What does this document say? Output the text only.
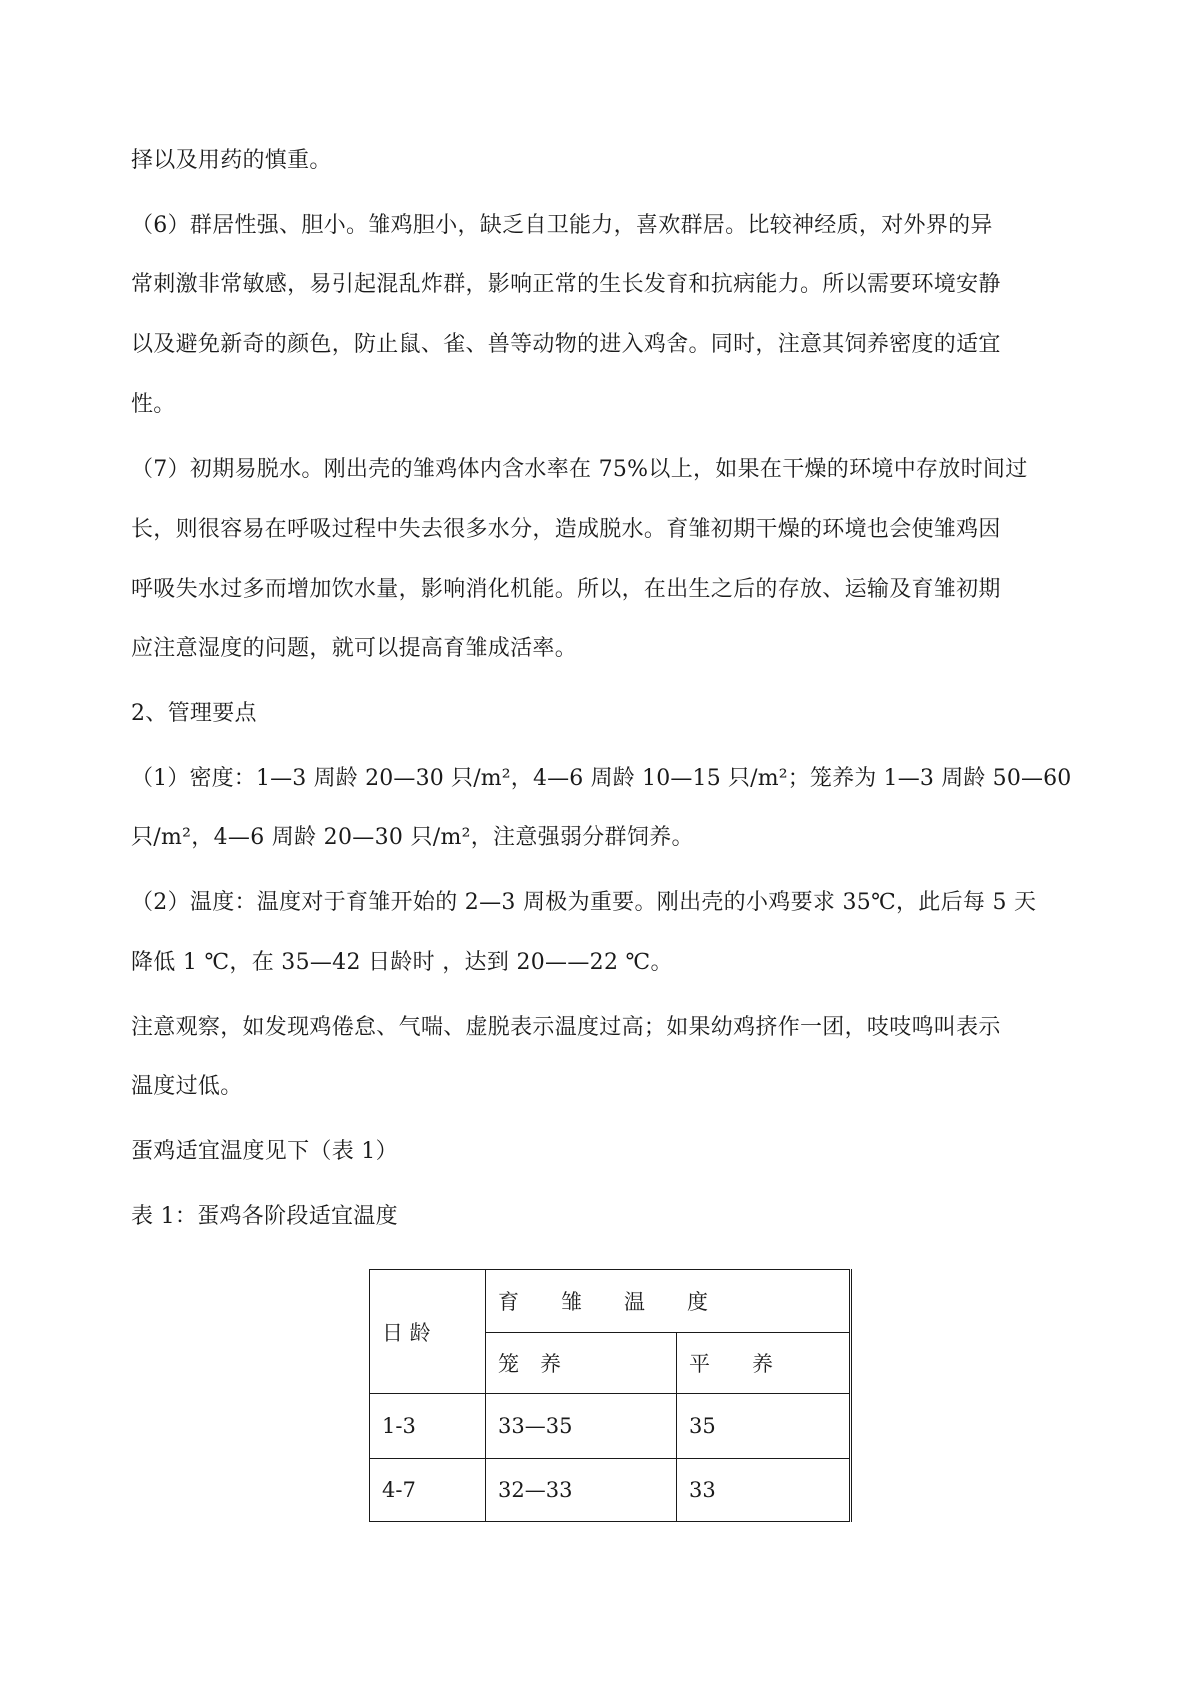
择以及用药的慎重。
（6）群居性强、胆小。雏鸡胆小，缺乏自卫能力，喜欢群居。比较神经质，对外界的异
常刺激非常敏感，易引起混乱炸群，影响正常的生长发育和抗病能力。所以需要环境安静
以及避免新奇的颜色，防止鼠、雀、兽等动物的进入鸡舍。同时，注意其饲养密度的适宜
性。
（7）初期易脱水。刚出壳的雏鸡体内含水率在 75%以上，如果在干燥的环境中存放时间过
长，则很容易在呼吸过程中失去很多水分，造成脱水。育雏初期干燥的环境也会使雏鸡因
呼吸失水过多而增加饮水量，影响消化机能。所以，在出生之后的存放、运输及育雏初期
应注意湿度的问题，就可以提高育雏成活率。
2、管理要点
（1）密度：1—3 周龄 20—30 只/m²，4—6 周龄 10—15 只/m²；笼养为 1—3 周龄 50—60
只/m²，4—6 周龄 20—30 只/m²，注意强弱分群饲养。
（2）温度：温度对于育雏开始的 2—3 周极为重要。刚出壳的小鸡要求 35℃，此后每 5 天
降低 1 ℃，在 35—42 日龄时 ，达到 20——22 ℃。
注意观察，如发现鸡倦怠、气喘、虚脱表示温度过高；如果幼鸡挤作一团，吱吱鸣叫表示
温度过低。
蛋鸡适宜温度见下（表 1）
表 1：蛋鸡各阶段适宜温度
日 龄	育　　雏　　温　　度	
	笼　养	平　　养
1-3	33—35	35
4-7	32—33	33
